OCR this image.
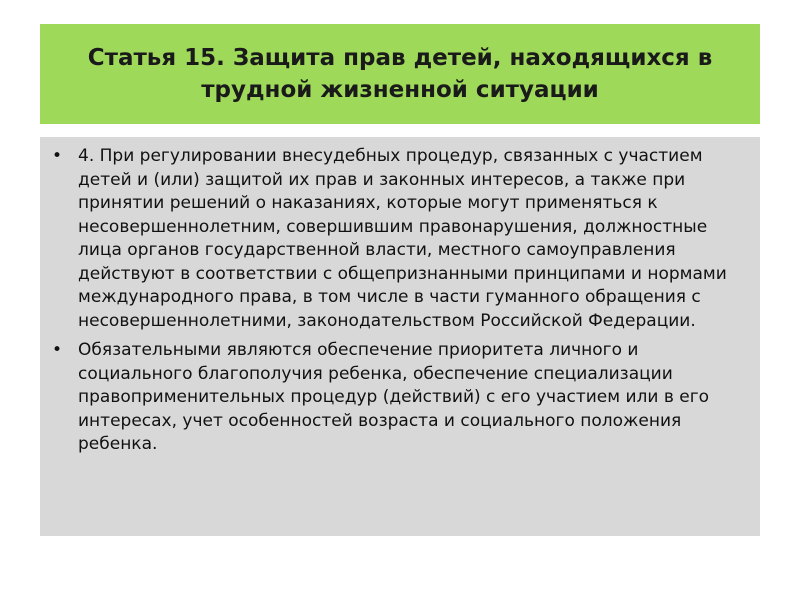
Статья 15. Защита прав детей, находящихся в трудной жизненной ситуации
• 4. При регулировании внесудебных процедур, связанных с участием детей и (или) защитой их прав и законных интересов, а также при принятии решений о наказаниях, которые могут применяться к несовершеннолетним, совершившим правонарушения, должностные лица органов государственной власти, местного самоуправления действуют в соответствии с общепризнанными принципами и нормами международного права, в том числе в части гуманного обращения с несовершеннолетними, законодательством Российской Федерации.
• Обязательными являются обеспечение приоритета личного и социального благополучия ребенка, обеспечение специализации правоприменительных процедур (действий) с его участием или в его интересах, учет особенностей возраста и социального положения ребенка.
